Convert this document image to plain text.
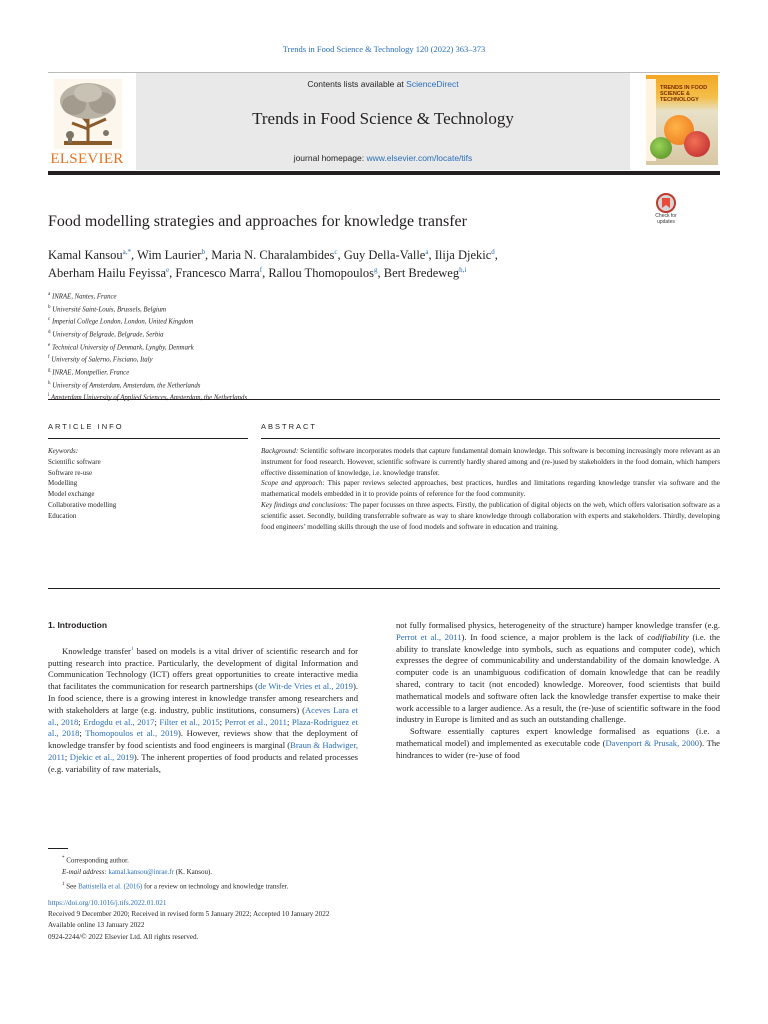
Trends in Food Science & Technology 120 (2022) 363–373
ELSEVIER
Contents lists available at ScienceDirect
Trends in Food Science & Technology
journal homepage: www.elsevier.com/locate/tifs
TRENDS IN FOOD SCIENCE & TECHNOLOGY
Food modelling strategies and approaches for knowledge transfer	Check for updates
Kamal Kansou$^{a,*}$, Wim Laurier$^b$, Maria N. Charalambides$^c$, Guy Della-Valle$^a$, Ilija Djekic$^d$,
Aberham Hailu Feyissa$^e$, Francesco Marra$^f$, Rallou Thomopoulos$^g$, Bert Bredeweg$^{h,i}$
$^a$ INRAE, Nantes, France
$^b$ Université Saint-Louis, Brussels, Belgium
$^c$ Imperial College London, London, United Kingdom
$^d$ University of Belgrade, Belgrade, Serbia
$^e$ Technical University of Denmark, Lyngby, Denmark
$^f$ University of Salerno, Fisciano, Italy
$^g$ INRAE, Montpellier, France
$^h$ University of Amsterdam, Amsterdam, the Netherlands
$^i$
ARTICLE INFO	ABSTRACT
Keywords:
Scientific software
Software re-use
Modelling
Model exchange
Collaborative modelling
Education
Background: Scientific software incorporates models that capture fundamental domain knowledge. This software is becoming increasingly more relevant as an instrument for food research. However, scientific software is currently hardly shared among and (re-)used by stakeholders in the food domain, which hampers effective dissemination of knowledge, i.e. knowledge transfer.
Scope and approach: This paper reviews selected approaches, best practices, hurdles and limitations regarding knowledge transfer via software and the mathematical models embedded in it to provide points of reference for the food community.
Key findings and conclusions: The paper focusses on three aspects. Firstly, the publication of digital objects on the web, which offers valorisation software as a scientific asset. Secondly, building transferrable software as way to share knowledge through collaboration with experts and stakeholders. Thirdly, developing food engineers’ modelling skills through the use of food models and software in education and training.
1. Introduction
Knowledge transfer$^1$ based on models is a vital driver of scientific research and for putting research into practice. Particularly, the development of digital Information and Communication Technology (ICT) offers great opportunities to create interactive media that facilitates the communication for research partnerships (de Wit-de Vries et al., 2019). In food science, there is a growing interest in knowledge transfer among researchers and with stakeholders at large (e.g. industry, public institutions, consumers) (Aceves Lara et al., 2018; Erdogdu et al., 2017; Filter et al., 2015; Perrot et al., 2011; Plaza-Rodriguez et al., 2018; Thomopoulos et al., 2019). However, reviews show that the deployment of knowledge transfer by food scientists and food engineers is marginal (Braun & Hadwiger, 2011; Djekic et al., 2019). The inherent properties of food products and related processes (e.g. variability of raw materials,
not fully formalised physics, heterogeneity of the structure) hamper knowledge transfer (e.g. Perrot et al., 2011). In food science, a major problem is the lack of codifiability (i.e. the ability to translate knowledge into symbols, such as equations and computer code), which expresses the degree of communicability and understandability of the domain knowledge. A computer code is an unambiguous codification of domain knowledge that can be readily shared, contrary to tacit (not encoded) knowledge. Moreover, food scientists that build mathematical models and software often lack the knowledge transfer expertise to make their work accessible to a larger audience. As a result, the (re-)use of scientific software in the food industry in Europe is limited and as such an outstanding challenge.
Software essentially captures expert knowledge formalised as equations (i.e. a mathematical model) and implemented as executable code (Davenport & Prusak, 2000). The hindrances to wider (re-)use of food
* Corresponding author.
E-mail address: kamal.kansou@inrae.fr (K. Kansou).
$^1$ See Battistella et al. (2016) for a review on technology and knowledge transfer.
https://doi.org/10.1016/j.tifs.2022.01.021
Received 9 December 2020; Received in revised form 5 January 2022; Accepted 10 January 2022
Available online 13 January 2022
0924-2244/© 2022 Elsevier Ltd. All rights reserved.
